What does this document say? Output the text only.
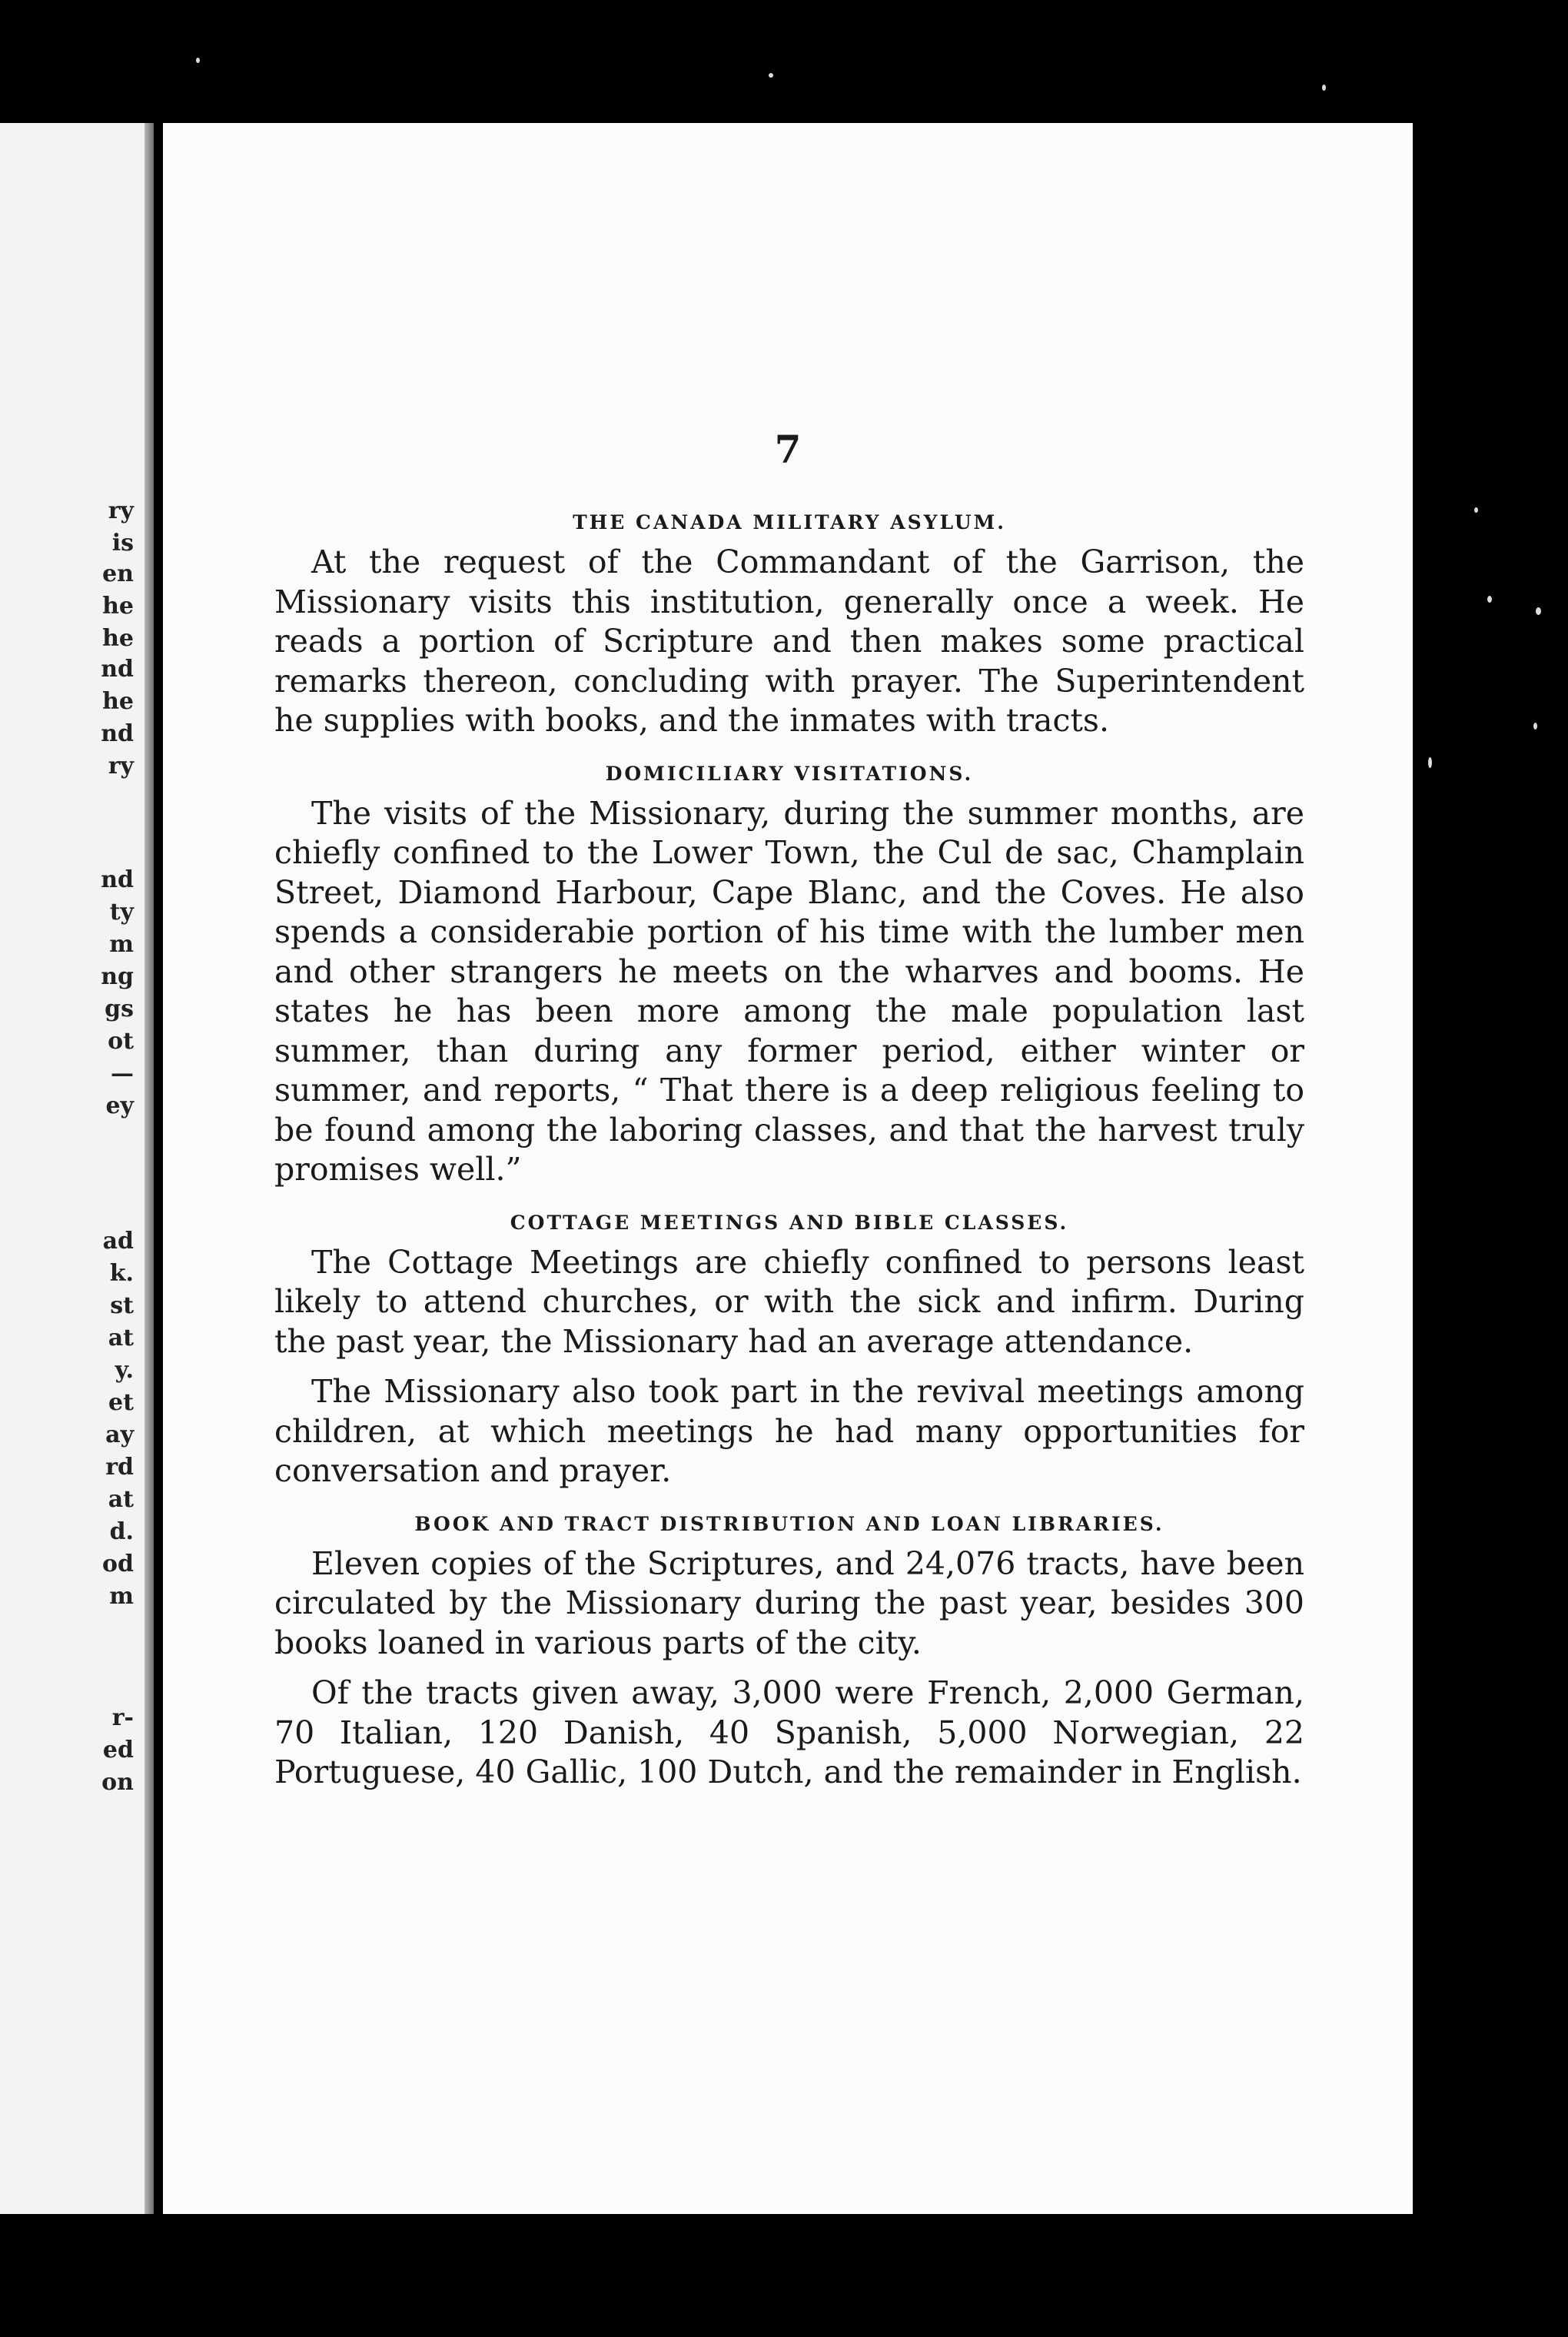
ry
is
en
he
he
nd
he
nd
ry
nd
ty
m
ng
gs
ot
—
ey
ad
k.
st
at
y.
et
ay
rd
at
d.
od
m
r-
ed
on
7
THE CANADA MILITARY ASYLUM.

At the request of the Commandant of the Garrison, the Missionary visits this institution, generally once a week. He reads a portion of Scripture and then makes some practical remarks thereon, concluding with prayer. The Superintendent he supplies with books, and the inmates with tracts.

DOMICILIARY VISITATIONS.

The visits of the Missionary, during the summer months, are chiefly confined to the Lower Town, the Cul de sac, Champlain Street, Diamond Harbour, Cape Blanc, and the Coves. He also spends a considerabie portion of his time with the lumber men and other strangers he meets on the wharves and booms. He states he has been more among the male population last summer, than during any former period, either winter or summer, and reports, “ That there is a deep religious feeling to be found among the laboring classes, and that the harvest truly promises well.”

COTTAGE MEETINGS AND BIBLE CLASSES.

The Cottage Meetings are chiefly confined to persons least likely to attend churches, or with the sick and infirm. During the past year, the Missionary had an average attendance.

The Missionary also took part in the revival meetings among children, at which meetings he had many opportunities for conversation and prayer.

BOOK AND TRACT DISTRIBUTION AND LOAN LIBRARIES.

Eleven copies of the Scriptures, and 24,076 tracts, have been circulated by the Missionary during the past year, besides 300 books loaned in various parts of the city.

Of the tracts given away, 3,000 were French, 2,000 German, 70 Italian, 120 Danish, 40 Spanish, 5,000 Norwegian, 22 Portuguese, 40 Gallic, 100 Dutch, and the remainder in English.
